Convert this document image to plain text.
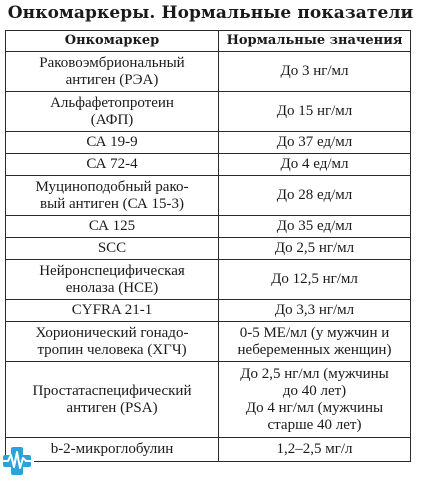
Онкомаркеры. Нормальные показатели
Онкомаркер	Нормальные значения
Раковоэмбриональный
антиген (РЭА)	До 3 нг/мл
Альфафетопротеин
(АФП)	До 15 нг/мл
СА 19-9	До 37 ед/мл
СА 72-4	До 4 ед/мл
Муциноподобный рако-
вый антиген (СА 15-3)	До 28 ед/мл
СА 125	До 35 ед/мл
SCC	До 2,5 нг/мл
Нейронспецифическая
енолаза (НСЕ)	До 12,5 нг/мл
CYFRA 21-1	До 3,3 нг/мл
Хорионический гонадо-
тропин человека (ХГЧ)	0-5 МЕ/мл (у мужчин и
небеременных женщин)
Простатаспецифический
антиген (PSA)	До 2,5 нг/мл (мужчины
до 40 лет)
До 4 нг/мл (мужчины
старше 40 лет)
b-2-микроглобулин	1,2–2,5 мг/л
